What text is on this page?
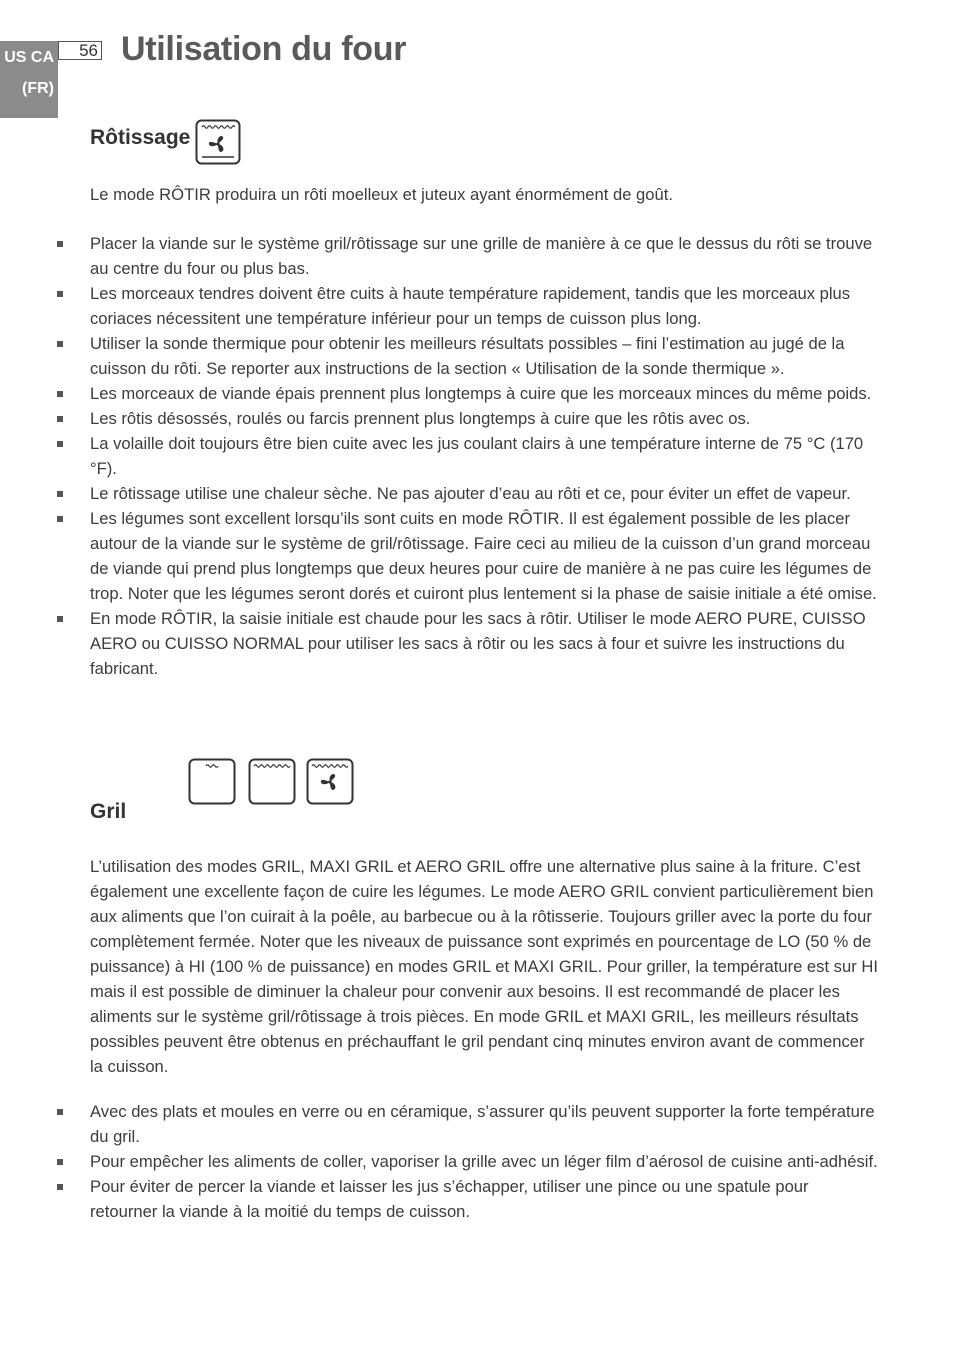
US CA
(FR)
56 Utilisation du four
Rôtissage

Le mode RÔTIR produira un rôti moelleux et juteux ayant énormément de goût.

Placer la viande sur le système gril/rôtissage sur une grille de manière à ce que le dessus du rôti se trouve au centre du four ou plus bas.
Les morceaux tendres doivent être cuits à haute température rapidement, tandis que les morceaux plus coriaces nécessitent une température inférieur pour un temps de cuisson plus long.
Utiliser la sonde thermique pour obtenir les meilleurs résultats possibles – fini l’estimation au jugé de la cuisson du rôti. Se reporter aux instructions de la section « Utilisation de la sonde thermique ».
Les morceaux de viande épais prennent plus longtemps à cuire que les morceaux minces du même poids.
Les rôtis désossés, roulés ou farcis prennent plus longtemps à cuire que les rôtis avec os.
La volaille doit toujours être bien cuite avec les jus coulant clairs à une température interne de 75 °C (170 °F).
Le rôtissage utilise une chaleur sèche. Ne pas ajouter d’eau au rôti et ce, pour éviter un effet de vapeur.
Les légumes sont excellent lorsqu’ils sont cuits en mode RÔTIR. Il est également possible de les placer autour de la viande sur le système de gril/rôtissage. Faire ceci au milieu de la cuisson d’un grand morceau de viande qui prend plus longtemps que deux heures pour cuire de manière à ne pas cuire les légumes de trop. Noter que les légumes seront dorés et cuiront plus lentement si la phase de saisie initiale a été omise.
En mode RÔTIR, la saisie initiale est chaude pour les sacs à rôtir. Utiliser le mode AERO PURE, CUISSO AERO ou CUISSO NORMAL pour utiliser les sacs à rôtir ou les sacs à four et suivre les instructions du fabricant.
Gril

L’utilisation des modes GRIL, MAXI GRIL et AERO GRIL offre une alternative plus saine à la friture. C’est également une excellente façon de cuire les légumes. Le mode AERO GRIL convient particulièrement bien aux aliments que l’on cuirait à la poêle, au barbecue ou à la rôtisserie. Toujours griller avec la porte du four complètement fermée. Noter que les niveaux de puissance sont exprimés en pourcentage de LO (50 % de puissance) à HI (100 % de puissance) en modes GRIL et MAXI GRIL. Pour griller, la température est sur HI mais il est possible de diminuer la chaleur pour convenir aux besoins. Il est recommandé de placer les aliments sur le système gril/rôtissage à trois pièces. En mode GRIL et MAXI GRIL, les meilleurs résultats possibles peuvent être obtenus en préchauffant le gril pendant cinq minutes environ avant de commencer la cuisson.

Avec des plats et moules en verre ou en céramique, s’assurer qu’ils peuvent supporter la forte température du gril.
Pour empêcher les aliments de coller, vaporiser la grille avec un léger film d’aérosol de cuisine anti-adhésif.
Pour éviter de percer la viande et laisser les jus s’échapper, utiliser une pince ou une spatule pour retourner la viande à la moitié du temps de cuisson.
